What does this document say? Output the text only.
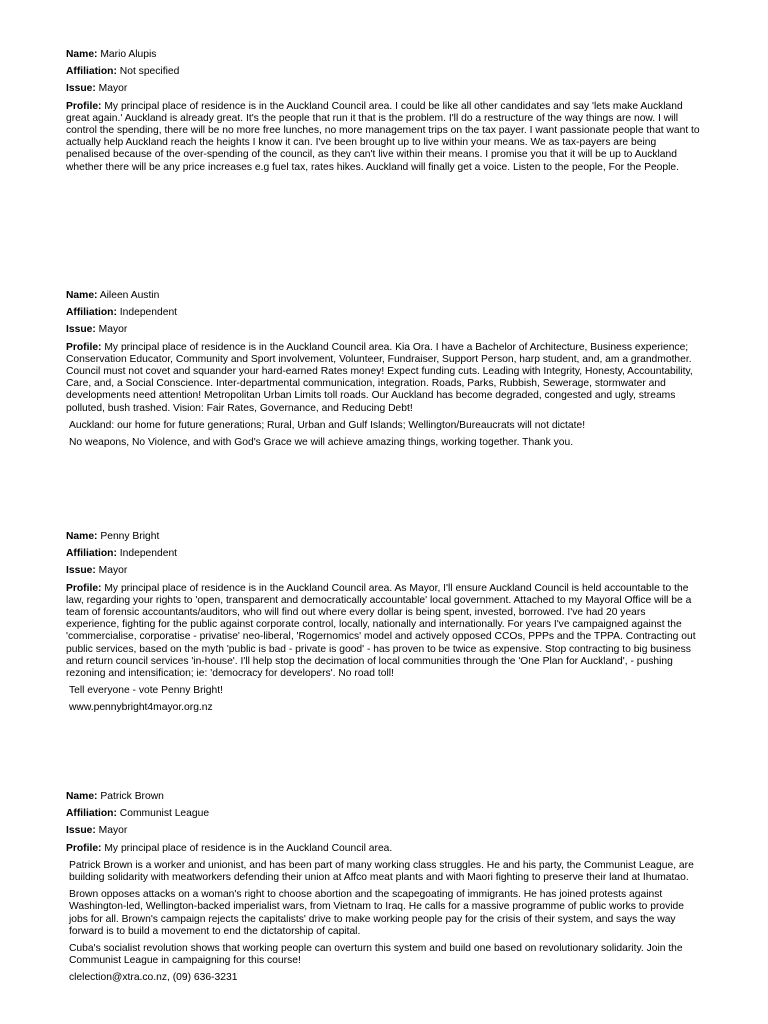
Name: Mario Alupis
Affiliation: Not specified
Issue: Mayor
Profile: My principal place of residence is in the Auckland Council area. I could be like all other candidates and say 'lets make Auckland great again.' Auckland is already great. It's the people that run it that is the problem. I'll do a restructure of the way things are now. I will control the spending, there will be no more free lunches, no more management trips on the tax payer. I want passionate people that want to actually help Auckland reach the heights I know it can. I've been brought up to live within your means. We as tax-payers are being penalised because of the over-spending of the council, as they can't live within their means. I promise you that it will be up to Auckland whether there will be any price increases e.g fuel tax, rates hikes. Auckland will finally get a voice. Listen to the people, For the People.
Name: Aileen Austin
Affiliation: Independent
Issue: Mayor
Profile: My principal place of residence is in the Auckland Council area. Kia Ora. I have a Bachelor of Architecture, Business experience; Conservation Educator, Community and Sport involvement, Volunteer, Fundraiser, Support Person, harp student, and, am a grandmother. Council must not covet and squander your hard-earned Rates money! Expect funding cuts. Leading with Integrity, Honesty, Accountability, Care, and, a Social Conscience. Inter-departmental communication, integration. Roads, Parks, Rubbish, Sewerage, stormwater and developments need attention! Metropolitan Urban Limits toll roads. Our Auckland has become degraded, congested and ugly, streams polluted, bush trashed. Vision: Fair Rates, Governance, and Reducing Debt!
Auckland: our home for future generations; Rural, Urban and Gulf Islands; Wellington/Bureaucrats will not dictate!
No weapons, No Violence, and with God's Grace we will achieve amazing things, working together. Thank you.
Name: Penny Bright
Affiliation: Independent
Issue: Mayor
Profile: My principal place of residence is in the Auckland Council area. As Mayor, I'll ensure Auckland Council is held accountable to the law, regarding your rights to 'open, transparent and democratically accountable' local government. Attached to my Mayoral Office will be a team of forensic accountants/auditors, who will find out where every dollar is being spent, invested, borrowed. I've had 20 years experience, fighting for the public against corporate control, locally, nationally and internationally. For years I've campaigned against the 'commercialise, corporatise - privatise' neo-liberal, 'Rogernomics' model and actively opposed CCOs, PPPs and the TPPA. Contracting out public services, based on the myth 'public is bad - private is good' - has proven to be twice as expensive. Stop contracting to big business and return council services 'in-house'. I'll help stop the decimation of local communities through the 'One Plan for Auckland', - pushing rezoning and intensification; ie: 'democracy for developers'. No road toll!
Tell everyone - vote Penny Bright!
www.pennybright4mayor.org.nz
Name: Patrick Brown
Affiliation: Communist League
Issue: Mayor
Profile: My principal place of residence is in the Auckland Council area.
Patrick Brown is a worker and unionist, and has been part of many working class struggles. He and his party, the Communist League, are building solidarity with meatworkers defending their union at Affco meat plants and with Maori fighting to preserve their land at Ihumatao.
Brown opposes attacks on a woman's right to choose abortion and the scapegoating of immigrants. He has joined protests against Washington-led, Wellington-backed imperialist wars, from Vietnam to Iraq. He calls for a massive programme of public works to provide jobs for all. Brown's campaign rejects the capitalists' drive to make working people pay for the crisis of their system, and says the way forward is to build a movement to end the dictatorship of capital.
Cuba's socialist revolution shows that working people can overturn this system and build one based on revolutionary solidarity. Join the Communist League in campaigning for this course!
clelection@xtra.co.nz, (09) 636-3231
